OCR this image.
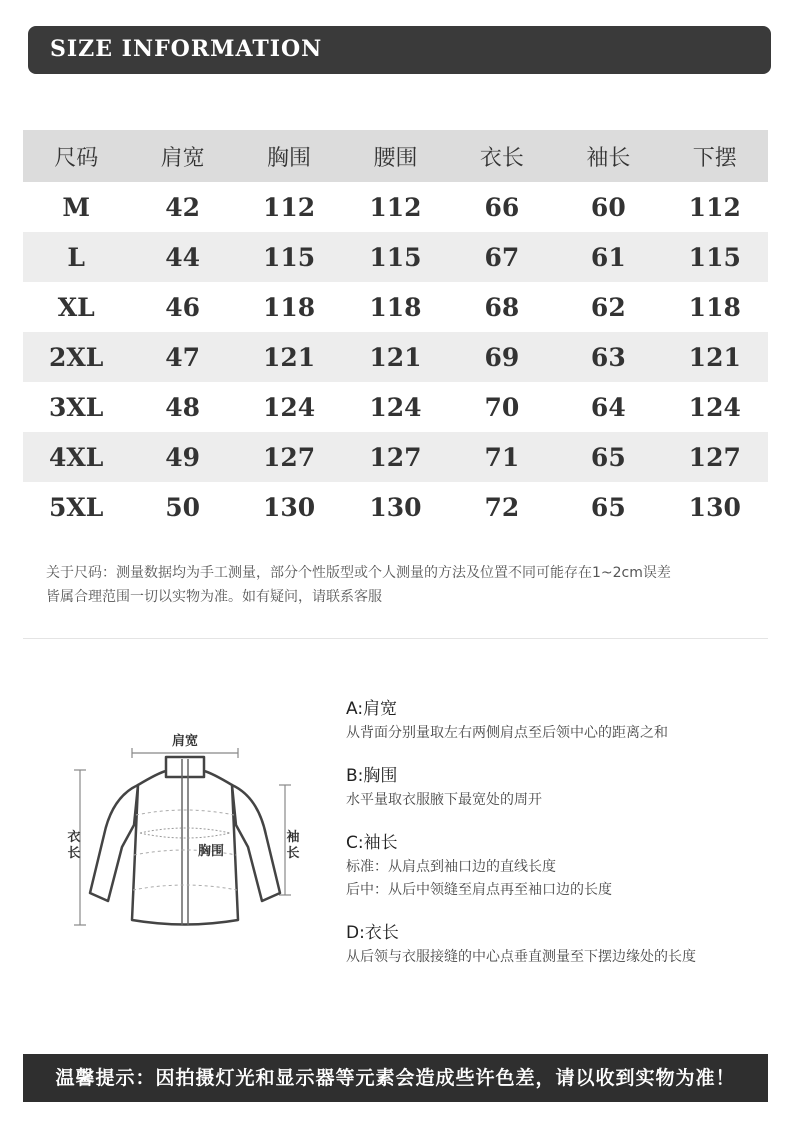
SIZE INFORMATION
尺码	肩宽	胸围	腰围	衣长	袖长	下摆
M	42	112	112	66	60	112
L	44	115	115	67	61	115
XL	46	118	118	68	62	118
2XL	47	121	121	69	63	121
3XL	48	124	124	70	64	124
4XL	49	127	127	71	65	127
5XL	50	130	130	72	65	130
关于尺码：测量数据均为手工测量，部分个性版型或个人测量的方法及位置不同可能存在1~2cm误差
皆属合理范围一切以实物为准。如有疑问，请联系客服
肩宽
胸围
衣长
袖长
A:肩宽
从背面分别量取左右两侧肩点至后领中心的距离之和
B:胸围
水平量取衣服腋下最宽处的周开
C:袖长
标准：从肩点到袖口边的直线长度
后中：从后中领缝至肩点再至袖口边的长度
D:衣长
从后领与衣服接缝的中心点垂直测量至下摆边缘处的长度
温馨提示：因拍摄灯光和显示器等元素会造成些许色差，请以收到实物为准！
